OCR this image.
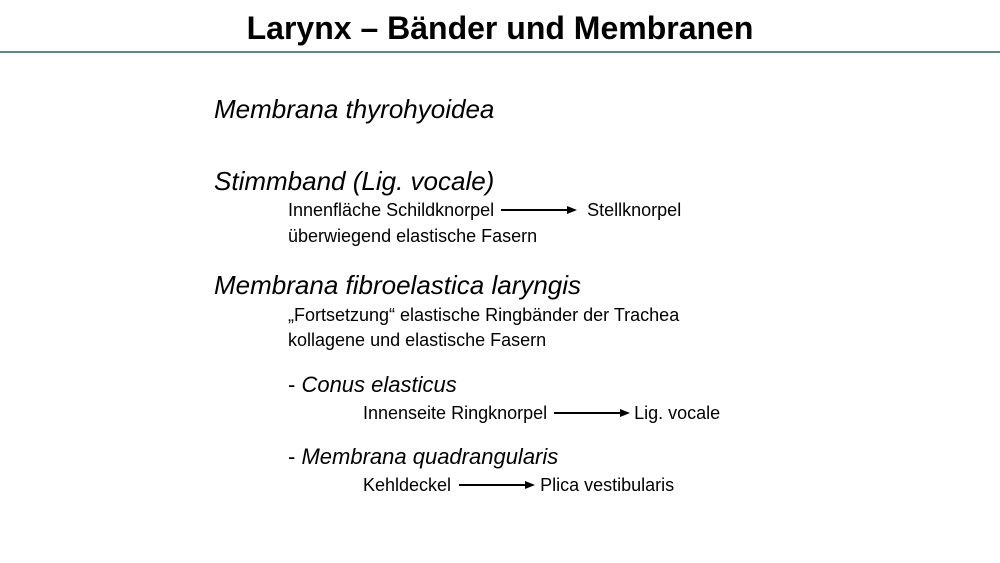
Larynx – Bänder und Membranen
Membrana thyrohyoidea
Stimmband (Lig. vocale)
Innenfläche Schildknorpel	Stellknorpel
überwiegend elastische Fasern
Membrana fibroelastica laryngis
„Fortsetzung“ elastische Ringbänder der Trachea
kollagene und elastische Fasern
- Conus elasticus
Innenseite Ringknorpel	Lig. vocale
- Membrana quadrangularis
Kehldeckel	Plica vestibularis
